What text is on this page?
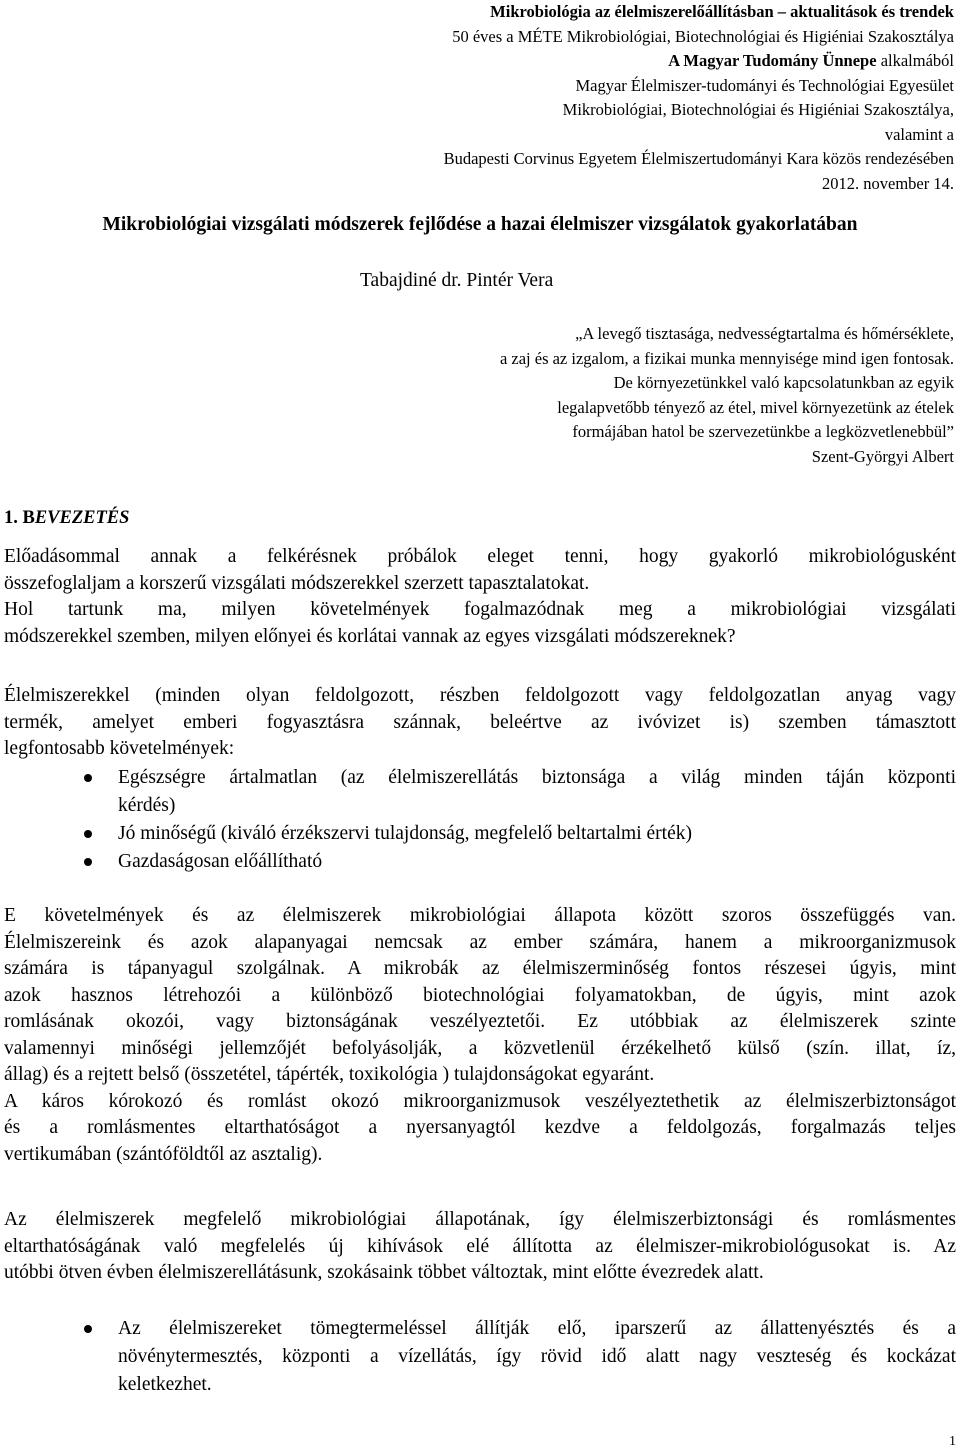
Mikrobiológia az élelmiszerelőállításban – aktualitások és trendek
50 éves a MÉTE Mikrobiológiai, Biotechnológiai és Higiéniai Szakosztálya
A Magyar Tudomány Ünnepe alkalmából
Magyar Élelmiszer-tudományi és Technológiai Egyesület
Mikrobiológiai, Biotechnológiai és Higiéniai Szakosztálya,
valamint a
Budapesti Corvinus Egyetem Élelmiszertudományi Kara közös rendezésében
2012. november 14.
Mikrobiológiai vizsgálati módszerek fejlődése a hazai élelmiszer vizsgálatok gyakorlatában
Tabajdiné dr. Pintér Vera
„A levegő tisztasága, nedvességtartalma és hőmérséklete,
a zaj és az izgalom, a fizikai munka mennyisége mind igen fontosak.
De környezetünkkel való kapcsolatunkban az egyik
legalapvetőbb tényező az étel, mivel környezetünk az ételek
formájában hatol be szervezetünkbe a legközvetlenebbül”
Szent-Györgyi Albert
1. BEVEZETÉS
Előadásommal annak a felkérésnek próbálok eleget tenni, hogy gyakorló mikrobiológusként
összefoglaljam a korszerű vizsgálati módszerekkel szerzett tapasztalatokat.
Hol tartunk ma, milyen követelmények fogalmazódnak meg a mikrobiológiai vizsgálati
módszerekkel szemben, milyen előnyei és korlátai vannak az egyes vizsgálati módszereknek?
Élelmiszerekkel (minden olyan feldolgozott, részben feldolgozott vagy feldolgozatlan anyag vagy
termék, amelyet emberi fogyasztásra szánnak, beleértve az ivóvizet is) szemben támasztott
legfontosabb követelmények:
Egészségre ártalmatlan (az élelmiszerellátás biztonsága a világ minden táján központi
kérdés)
Jó minőségű (kiváló érzékszervi tulajdonság, megfelelő beltartalmi érték)
Gazdaságosan előállítható
E követelmények és az élelmiszerek mikrobiológiai állapota között szoros összefüggés van.
Élelmiszereink és azok alapanyagai nemcsak az ember számára, hanem a mikroorganizmusok
számára is tápanyagul szolgálnak. A mikrobák az élelmiszerminőség fontos részesei úgyis, mint
azok hasznos létrehozói a különböző biotechnológiai folyamatokban, de úgyis, mint azok
romlásának okozói, vagy biztonságának veszélyeztetői. Ez utóbbiak az élelmiszerek szinte
valamennyi minőségi jellemzőjét befolyásolják, a közvetlenül érzékelhető külső (szín. illat, íz,
állag) és a rejtett belső (összetétel, tápérték, toxikológia ) tulajdonságokat egyaránt.
A káros kórokozó és romlást okozó mikroorganizmusok veszélyeztethetik az élelmiszerbiztonságot
és a romlásmentes eltarthatóságot a nyersanyagtól kezdve a feldolgozás, forgalmazás teljes
vertikumában (szántóföldtől az asztalig).
Az élelmiszerek megfelelő mikrobiológiai állapotának, így élelmiszerbiztonsági és romlásmentes
eltarthatóságának való megfelelés új kihívások elé állította az élelmiszer-mikrobiológusokat is. Az
utóbbi ötven évben élelmiszerellátásunk, szokásaink többet változtak, mint előtte évezredek alatt.
Az élelmiszereket tömegtermeléssel állítják elő, iparszerű az állattenyésztés és a
növénytermesztés, központi a vízellátás, így rövid idő alatt nagy veszteség és kockázat
keletkezhet.
1
